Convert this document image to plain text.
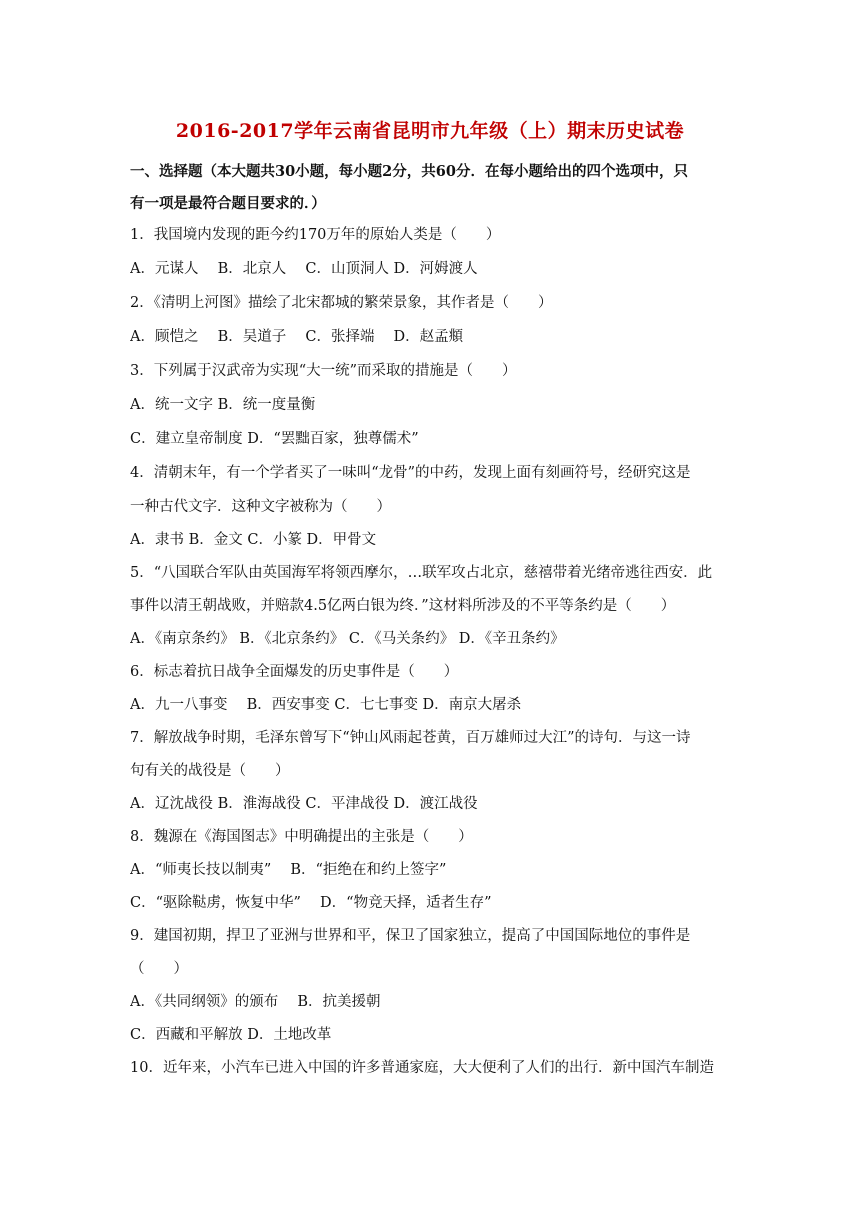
2016-2017学年云南省昆明市九年级（上）期末历史试卷
一、选择题（本大题共30小题，每小题2分，共60分．在每小题给出的四个选项中，只
有一项是最符合题目要求的．）
1．我国境内发现的距今约170万年的原始人类是（　　）
A．元谋人　 B．北京人　 C．山顶洞人 D．河姆渡人
2．《清明上河图》描绘了北宋都城的繁荣景象，其作者是（　　）
A．顾恺之　 B．吴道子　 C．张择端　 D．赵孟頫
3．下列属于汉武帝为实现“大一统”而采取的措施是（　　）
A．统一文字 B．统一度量衡
C．建立皇帝制度 D．“罢黜百家，独尊儒术”
4．清朝末年，有一个学者买了一味叫“龙骨”的中药，发现上面有刻画符号，经研究这是
一种古代文字．这种文字被称为（　　）
A．隶书 B．金文 C．小篆 D．甲骨文
5．“八国联合军队由英国海军将领西摩尔，…联军攻占北京，慈禧带着光绪帝逃往西安．此
事件以清王朝战败，并赔款4.5亿两白银为终．”这材料所涉及的不平等条约是（　　）
A．《南京条约》 B．《北京条约》 C．《马关条约》 D．《辛丑条约》
6．标志着抗日战争全面爆发的历史事件是（　　）
A．九一八事变　 B．西安事变 C．七七事变 D．南京大屠杀
7．解放战争时期，毛泽东曾写下“钟山风雨起苍黄，百万雄师过大江”的诗句．与这一诗
句有关的战役是（　　）
A．辽沈战役 B．淮海战役 C．平津战役 D．渡江战役
8．魏源在《海国图志》中明确提出的主张是（　　）
A．“师夷长技以制夷”　 B．“拒绝在和约上签字”
C．“驱除鞑虏，恢复中华”　 D．“物竞天择，适者生存”
9．建国初期，捍卫了亚洲与世界和平，保卫了国家独立，提高了中国国际地位的事件是
（　　）
A．《共同纲领》的颁布　 B．抗美援朝
C．西藏和平解放 D．土地改革
10．近年来，小汽车已进入中国的许多普通家庭，大大便利了人们的出行．新中国汽车制造
